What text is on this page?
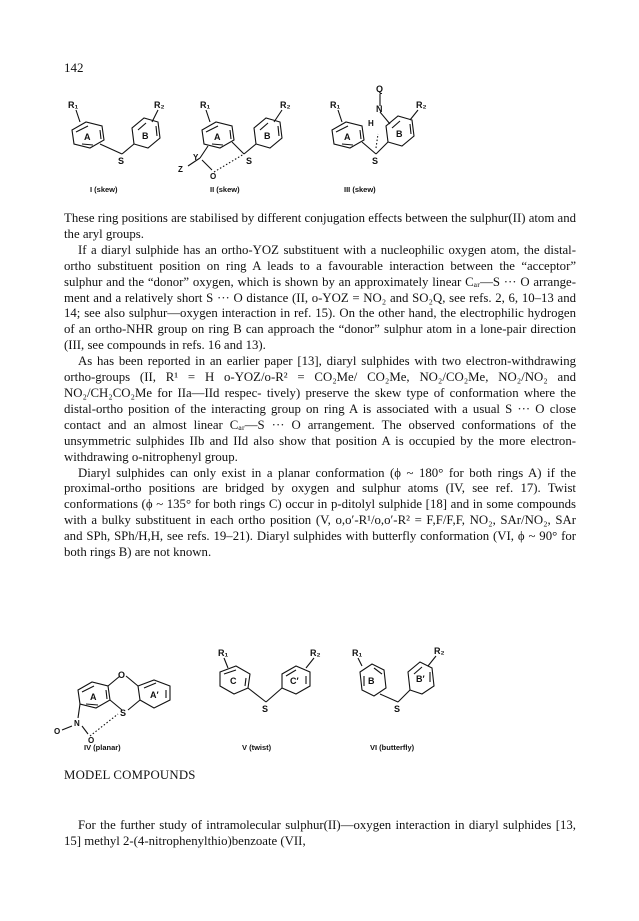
142
R₁	R₂
A	B
S
I (skew)
R₁	R₂
A	B
S
Y
Z
O
II (skew)
Q
N
H
R₁	R₂
A	B
S
III (skew)

These ring positions are stabilised by different conjugation effects between the sulphur(II) atom and the aryl groups.

If a diaryl sulphide has an ortho-YOZ substituent with a nucleophilic oxygen atom, the distal-ortho substituent position on ring A leads to a favourable interaction between the “acceptor” sulphur and the “donor” oxygen, which is shown by an approximately linear Cₐᵣ—S ··· O arrange- ment and a relatively short S ··· O distance (II, o-YOZ = NO₂ and SO₂Q, see refs. 2, 6, 10–13 and 14; see also sulphur—oxygen interaction in ref. 15). On the other hand, the electrophilic hydrogen of an ortho-NHR group on ring B can approach the “donor” sulphur atom in a lone-pair direction (III, see compounds in refs. 16 and 13).

As has been reported in an earlier paper [13], diaryl sulphides with two electron-withdrawing ortho-groups (II, R¹ = H o-YOZ/o-R² = CO₂Me/ CO₂Me, NO₂/CO₂Me, NO₂/NO₂ and NO₂/CH₂CO₂Me for IIa—IId respec- tively) preserve the skew type of conformation where the distal-ortho position of the interacting group on ring A is associated with a usual S ··· O close contact and an almost linear Cₐᵣ—S ··· O arrangement. The observed conformations of the unsymmetric sulphides IIb and IId also show that position A is occupied by the more electron-withdrawing o-nitrophenyl group.

Diaryl sulphides can only exist in a planar conformation (ϕ ~ 180° for both rings A) if the proximal-ortho positions are bridged by oxygen and sulphur atoms (IV, see ref. 17). Twist conformations (ϕ ~ 135° for both rings C) occur in p-ditolyl sulphide [18] and in some compounds with a bulky substituent in each ortho position (V, o,o′-R¹/o,o′-R² = F,F/F,F, NO₂, SAr/NO₂, SAr and SPh, SPh/H,H, see refs. 19–21). Diaryl sulphides with butterfly conformation (VI, ϕ ~ 90° for both rings B) are not known.

O
S
A	A′
N
O
O
IV (planar)
R₁	R₂
C	C′
S
V (twist)
R₁	R₂
B	B′
S
VI (butterfly)
MODEL COMPOUNDS

For the further study of intramolecular sulphur(II)—oxygen interaction in diaryl sulphides [13, 15] methyl 2-(4-nitrophenylthio)benzoate (VII,
